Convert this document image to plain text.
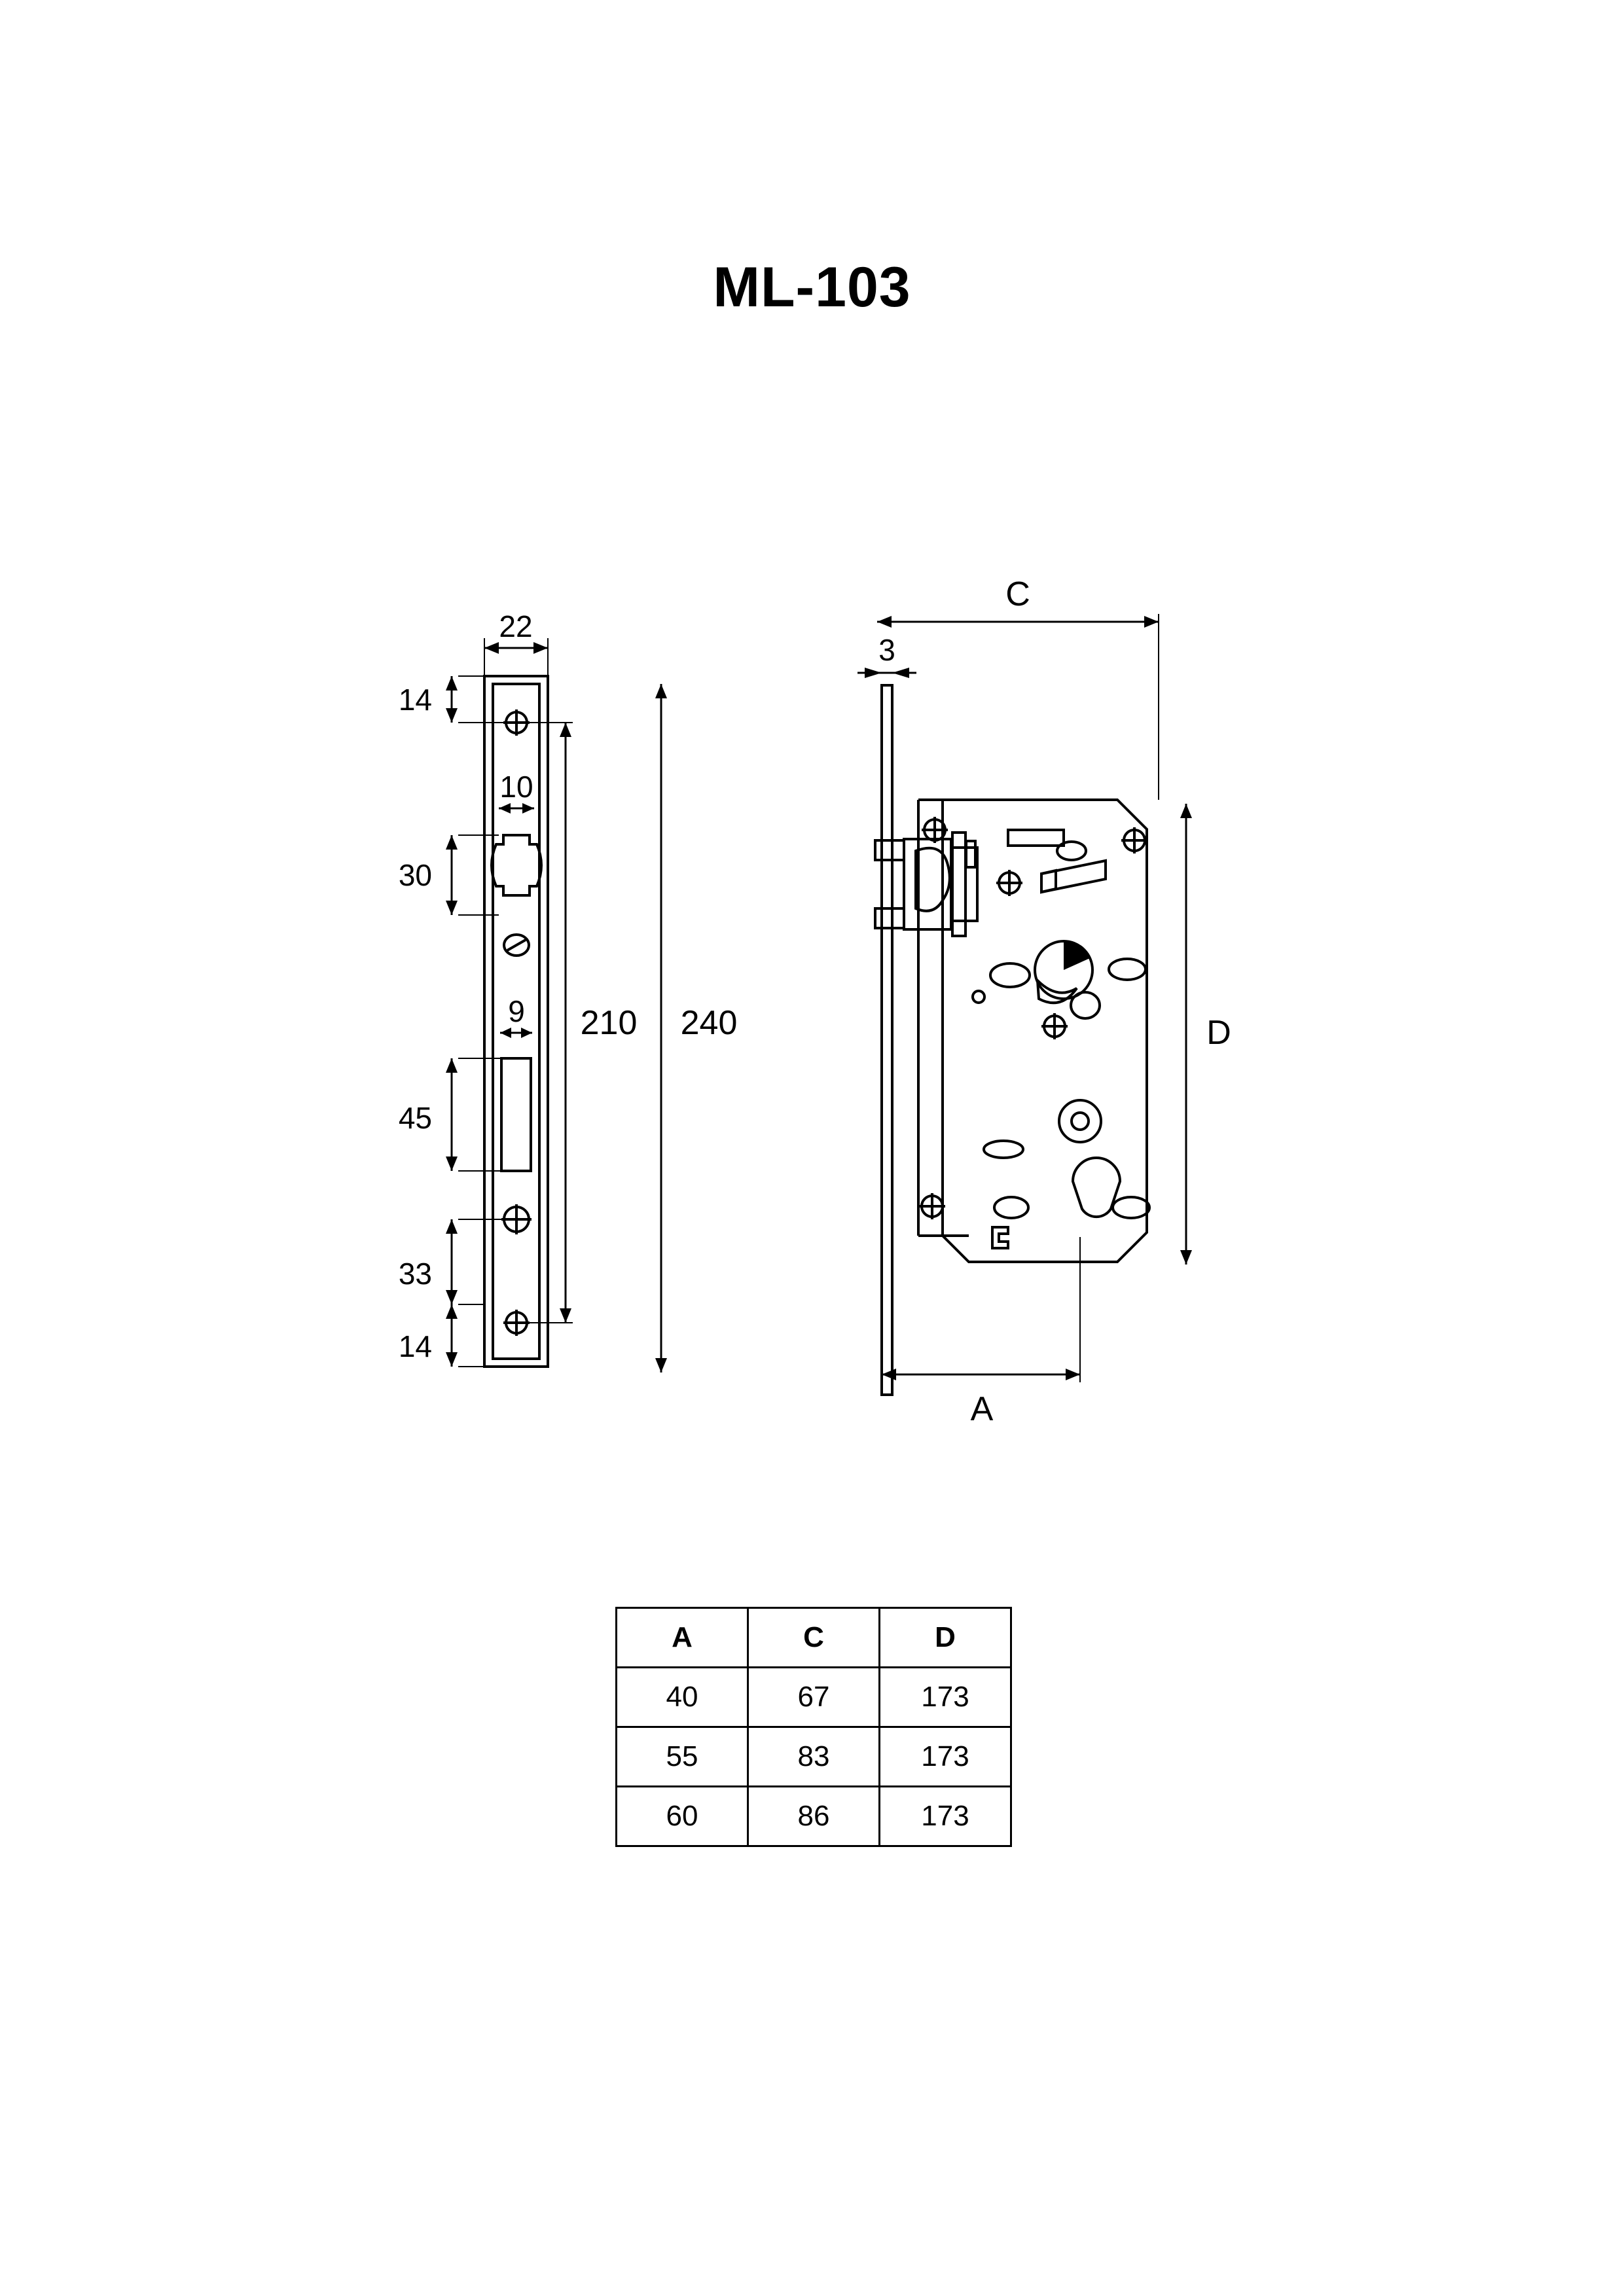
ML-103
22
14
10
30
9
45
33
14
210 240
C
3
D
A
A	C	D
40	67	173
55	83	173
60	86	173
